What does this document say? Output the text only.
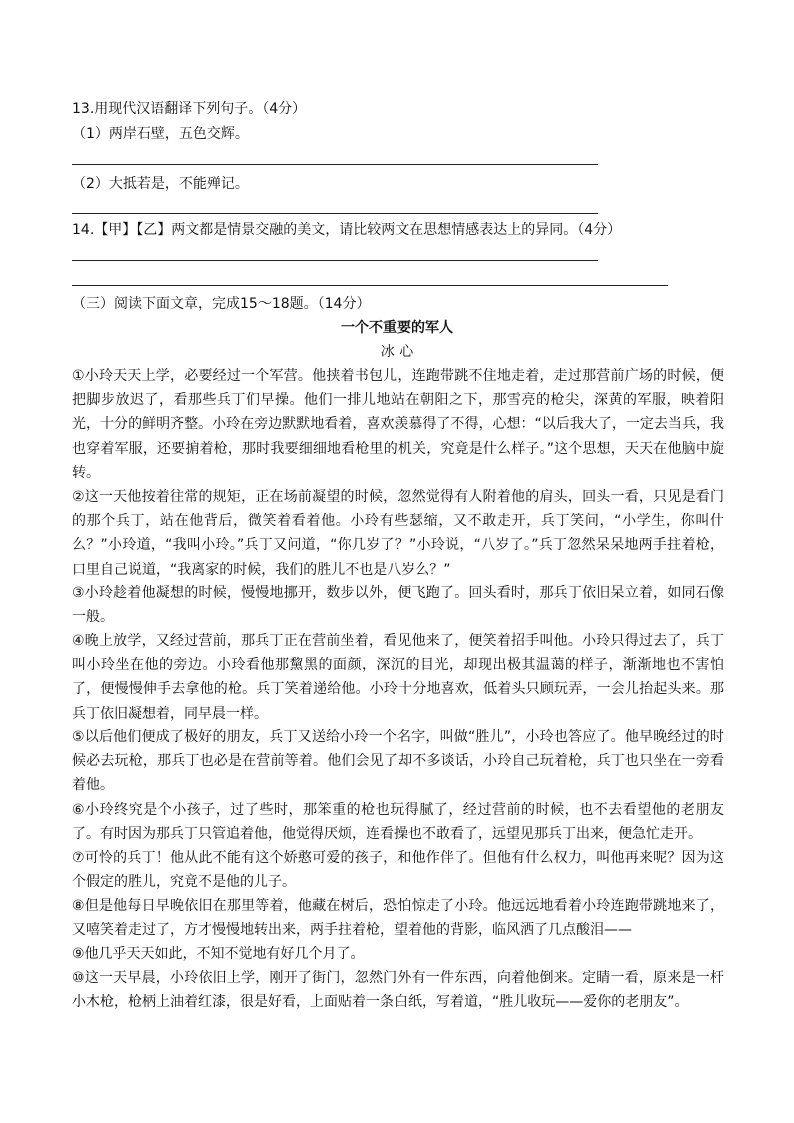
13.用现代汉语翻译下列句子。（4分）
（1）两岸石壁，五色交辉。
（2）大抵若是，不能殚记。
14.【甲】【乙】两文都是情景交融的美文，请比较两文在思想情感表达上的异同。（4分）
（三）阅读下面文章，完成15～18题。（14分）
一个不重要的军人
冰 心
①小玲天天上学，必要经过一个军营。他挟着书包儿，连跑带跳不住地走着，走过那营前广场的时候，便把脚步放迟了，看那些兵丁们早操。他们一排儿地站在朝阳之下，那雪亮的枪尖，深黄的军服，映着阳光，十分的鲜明齐整。小玲在旁边默默地看着，喜欢羡慕得了不得，心想：“以后我大了，一定去当兵，我也穿着军服，还要掮着枪，那时我要细细地看枪里的机关，究竟是什么样子。”这个思想，天天在他脑中旋转。
②这一天他按着往常的规矩，正在场前凝望的时候，忽然觉得有人附着他的肩头，回头一看，只见是看门的那个兵丁，站在他背后，微笑着看着他。小玲有些瑟缩，又不敢走开，兵丁笑问，“小学生，你叫什么？”小玲道，“我叫小玲。”兵丁又问道，“你几岁了？”小玲说，“八岁了。”兵丁忽然呆呆地两手拄着枪，口里自己说道，“我离家的时候，我们的胜儿不也是八岁么？”
③小玲趁着他凝想的时候，慢慢地挪开，数步以外，便飞跑了。回头看时，那兵丁依旧呆立着，如同石像一般。
④晚上放学，又经过营前，那兵丁正在营前坐着，看见他来了，便笑着招手叫他。小玲只得过去了，兵丁叫小玲坐在他的旁边。小玲看他那黧黑的面颜，深沉的目光，却现出极其温蔼的样子，渐渐地也不害怕了，便慢慢伸手去拿他的枪。兵丁笑着递给他。小玲十分地喜欢，低着头只顾玩弄，一会儿抬起头来。那兵丁依旧凝想着，同早晨一样。
⑤以后他们便成了极好的朋友，兵丁又送给小玲一个名字，叫做“胜儿”，小玲也答应了。他早晚经过的时候必去玩枪，那兵丁也必是在营前等着。他们会见了却不多谈话，小玲自己玩着枪，兵丁也只坐在一旁看着他。
⑥小玲终究是个小孩子，过了些时，那笨重的枪也玩得腻了，经过营前的时候，也不去看望他的老朋友了。有时因为那兵丁只管追着他，他觉得厌烦，连看操也不敢看了，远望见那兵丁出来，便急忙走开。
⑦可怜的兵丁！他从此不能有这个娇憨可爱的孩子，和他作伴了。但他有什么权力，叫他再来呢？因为这个假定的胜儿，究竟不是他的儿子。
⑧但是他每日早晚依旧在那里等着，他藏在树后，恐怕惊走了小玲。他远远地看着小玲连跑带跳地来了，又嘻笑着走过了，方才慢慢地转出来，两手拄着枪，望着他的背影，临风洒了几点酸泪——
⑨他几乎天天如此，不知不觉地有好几个月了。
⑩这一天早晨，小玲依旧上学，刚开了街门，忽然门外有一件东西，向着他倒来。定睛一看，原来是一杆小木枪，枪柄上油着红漆，很是好看，上面贴着一条白纸，写着道，“胜儿收玩——爱你的老朋友”。
